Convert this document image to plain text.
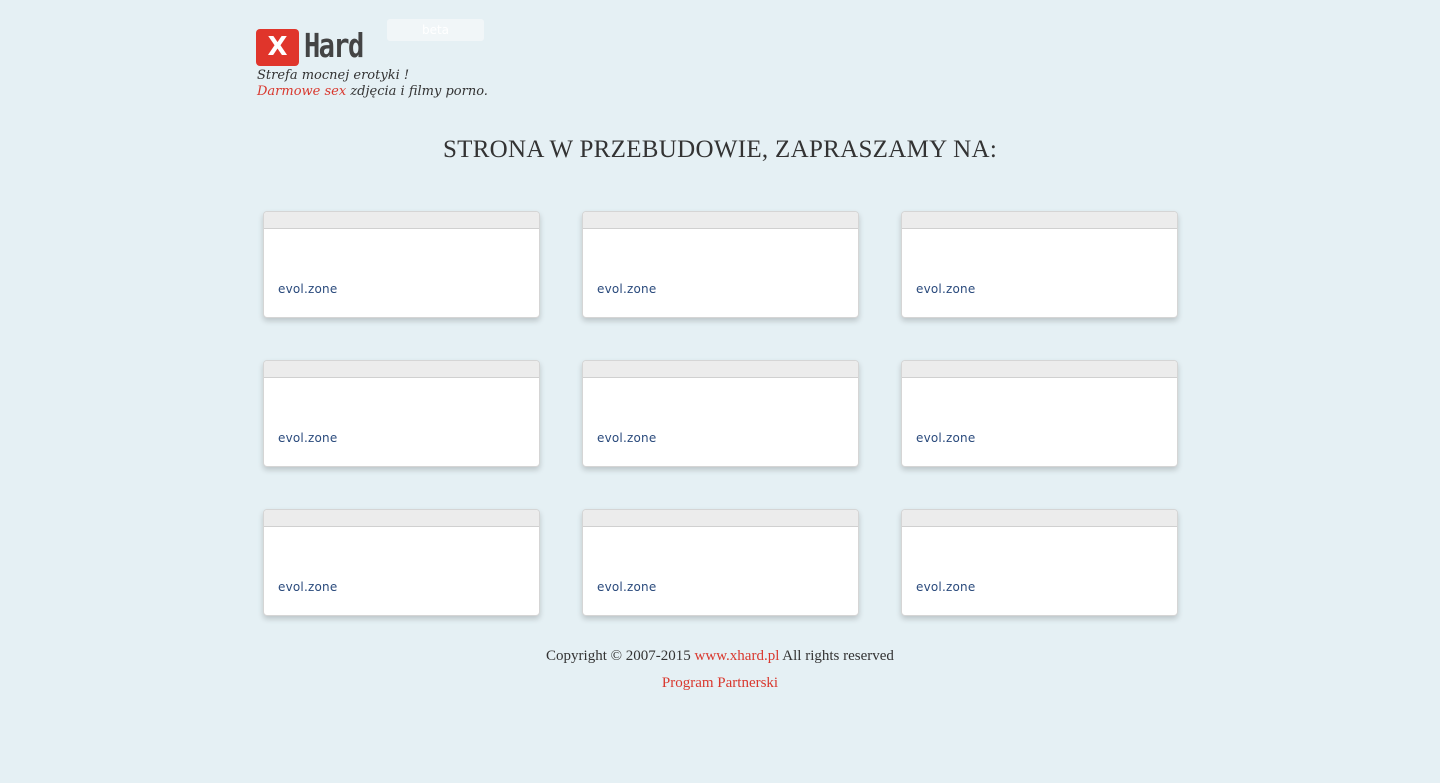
X Hard	beta
Strefa mocnej erotyki !
Darmowe sex zdjęcia i filmy porno.
STRONA W PRZEBUDOWIE, ZAPRASZAMY NA:
evol.zone	evol.zone	evol.zone
evol.zone	evol.zone	evol.zone
evol.zone	evol.zone	evol.zone
Copyright © 2007-2015 www.xhard.pl All rights reserved
Program Partnerski
